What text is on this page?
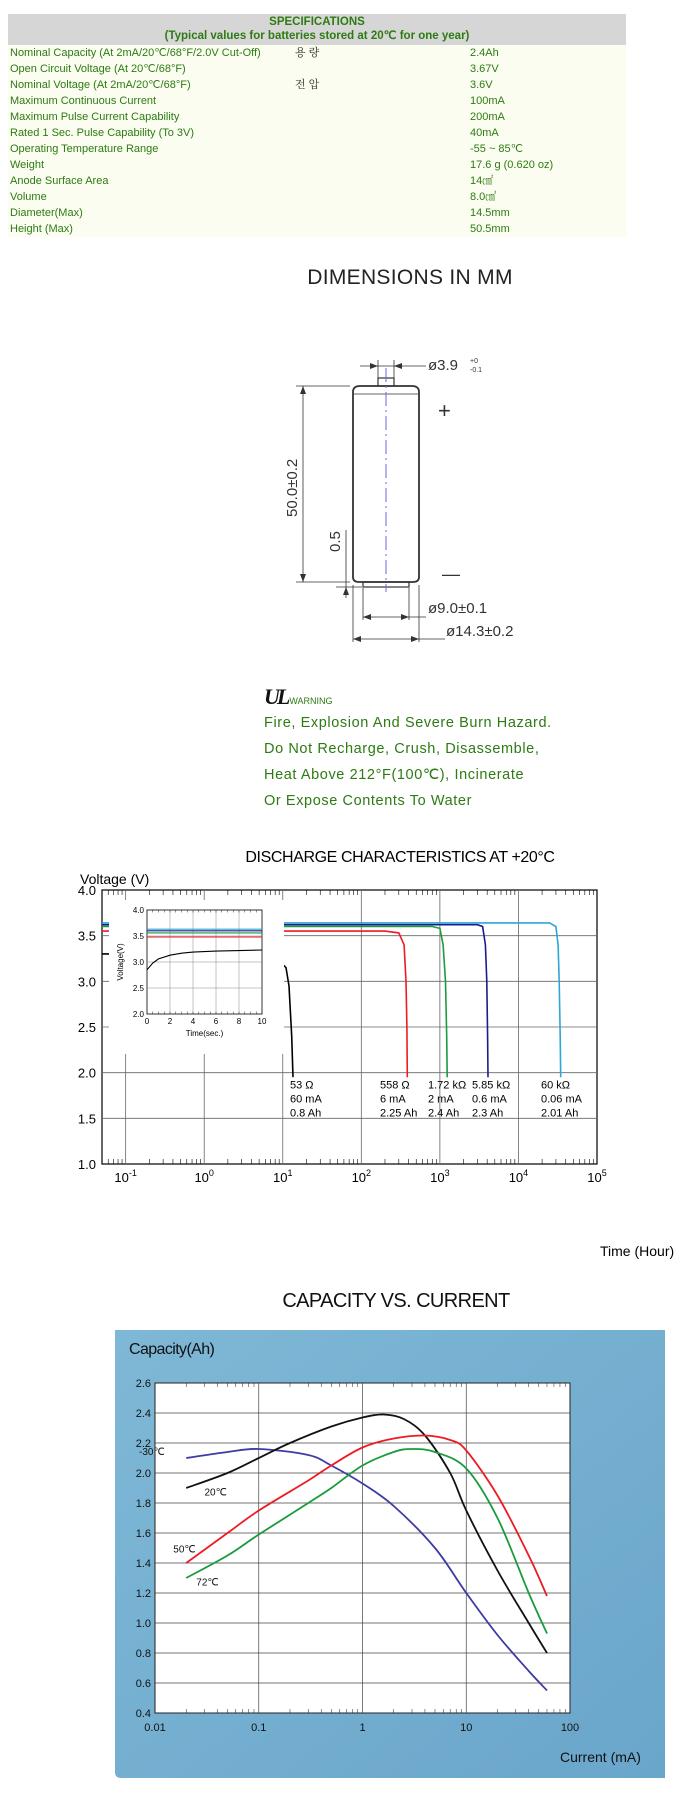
SPECIFICATIONS
(Typical values for batteries stored at 20℃ for one year)
Nominal Capacity (At 2mA/20℃/68°F/2.0V Cut-Off)	용 량	2.4Ah
Open Circuit Voltage (At 20℃/68°F)	3.67V
Nominal Voltage (At 2mA/20℃/68°F)	전 압	3.6V
Maximum Continuous Current	100mA
Maximum Pulse Current Capability	200mA
Rated 1 Sec. Pulse Capability (To 3V)	40mA
Operating Temperature Range	-55 ~ 85℃
Weight	17.6 g (0.620 oz)
Anode Surface Area	14㎠
Volume	8.0㎤
Diameter(Max)	14.5mm
Height (Max)	50.5mm
DIMENSIONS IN MM
ø3.9 +0
-0.1
+
—
50.0±0.2
0.5
ø9.0±0.1
ø14.3±0.2
UL WARNING
Fire, Explosion And Severe Burn Hazard.
Do Not Recharge, Crush, Disassemble,
Heat Above 212°F(100℃), Incinerate
Or Expose Contents To Water
DISCHARGE CHARACTERISTICS AT +20°C
Voltage (V)
Time (Hour)
4.0
3.5
3.0
2.5
2.0
1.5
1.0
$10^{-1}$	$10^0$	$10^1$	$10^2$	$10^3$	$10^4$	$10^5$
53 Ω
60 mA
0.8 Ah
558 Ω
6 mA
2.25 Ah
1.72 kΩ
2 mA
2.4 Ah
5.85 kΩ
0.6 mA
2.3 Ah
60 kΩ
0.06 mA
2.01 Ah
4.0
3.5
3.0
2.5
2.0
0 2 4 6 8 10
Time(sec.)
Voltage(V)
CAPACITY VS. CURRENT
Capacity(Ah)
Current (mA)
2.6
2.4
2.2
2.0
1.8
1.6
1.4
1.2
1.0
0.8
0.6
0.4
0.01	0.1	1	10	100
-30℃
20℃
50℃
72℃
